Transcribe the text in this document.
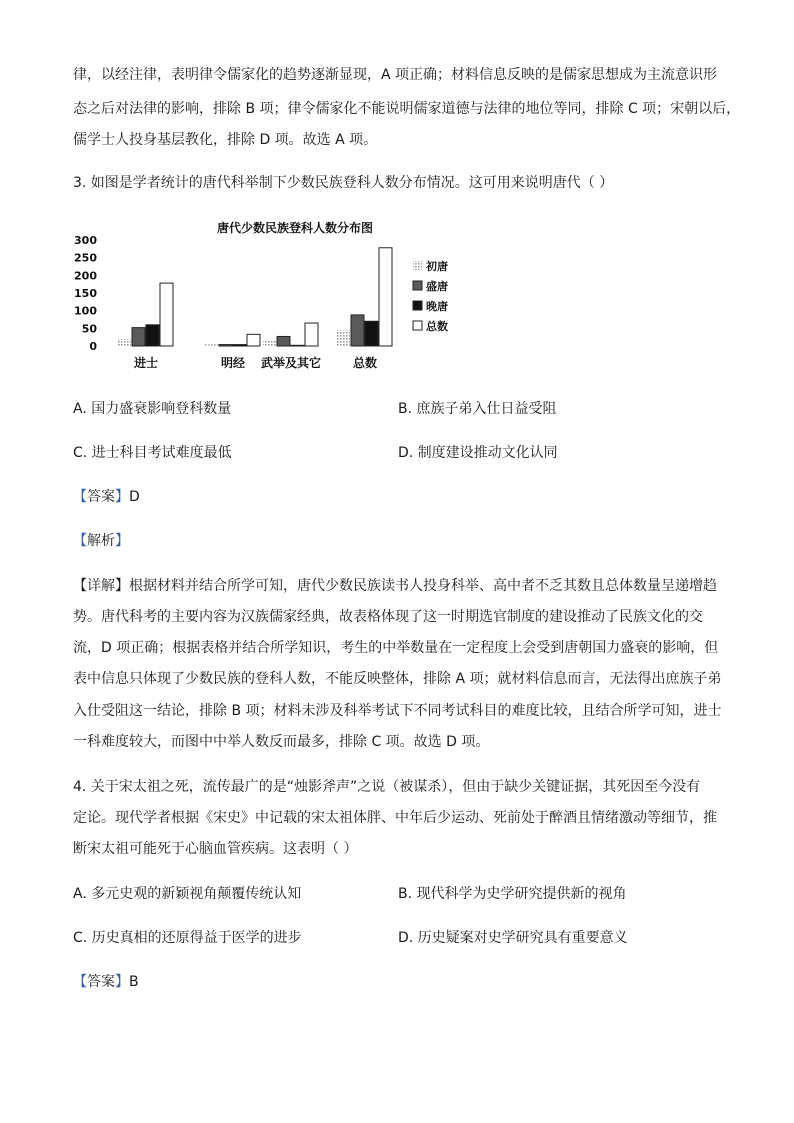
律，以经注律，表明律令儒家化的趋势逐渐显现，A 项正确；材料信息反映的是儒家思想成为主流意识形
态之后对法律的影响，排除 B 项；律令儒家化不能说明儒家道德与法律的地位等同，排除 C 项；宋朝以后，
儒学士人投身基层教化，排除 D 项。故选 A 项。
3. 如图是学者统计的唐代科举制下少数民族登科人数分布情况。这可用来说明唐代（ ）
唐代少数民族登科人数分布图
300
250
200
150
100
50
0
进士	明经 武举及其它	总数
初唐
盛唐
晚唐
总数
A. 国力盛衰影响登科数量	B. 庶族子弟入仕日益受阻
C. 进士科目考试难度最低	D. 制度建设推动文化认同
【答案】D
【解析】
【详解】根据材料并结合所学可知，唐代少数民族读书人投身科举、高中者不乏其数且总体数量呈递增趋
势。唐代科考的主要内容为汉族儒家经典，故表格体现了这一时期选官制度的建设推动了民族文化的交
流，D 项正确；根据表格并结合所学知识，考生的中举数量在一定程度上会受到唐朝国力盛衰的影响，但
表中信息只体现了少数民族的登科人数，不能反映整体，排除 A 项；就材料信息而言，无法得出庶族子弟
入仕受阻这一结论，排除 B 项；材料未涉及科举考试下不同考试科目的难度比较，且结合所学可知，进士
一科难度较大，而图中中举人数反而最多，排除 C 项。故选 D 项。
4. 关于宋太祖之死，流传最广的是“烛影斧声”之说（被谋杀），但由于缺少关键证据，其死因至今没有
定论。现代学者根据《宋史》中记载的宋太祖体胖、中年后少运动、死前处于醉酒且情绪激动等细节，推
断宋太祖可能死于心脑血管疾病。这表明（ ）
A. 多元史观的新颖视角颠覆传统认知	B. 现代科学为史学研究提供新的视角
C. 历史真相的还原得益于医学的进步	D. 历史疑案对史学研究具有重要意义
【答案】B
